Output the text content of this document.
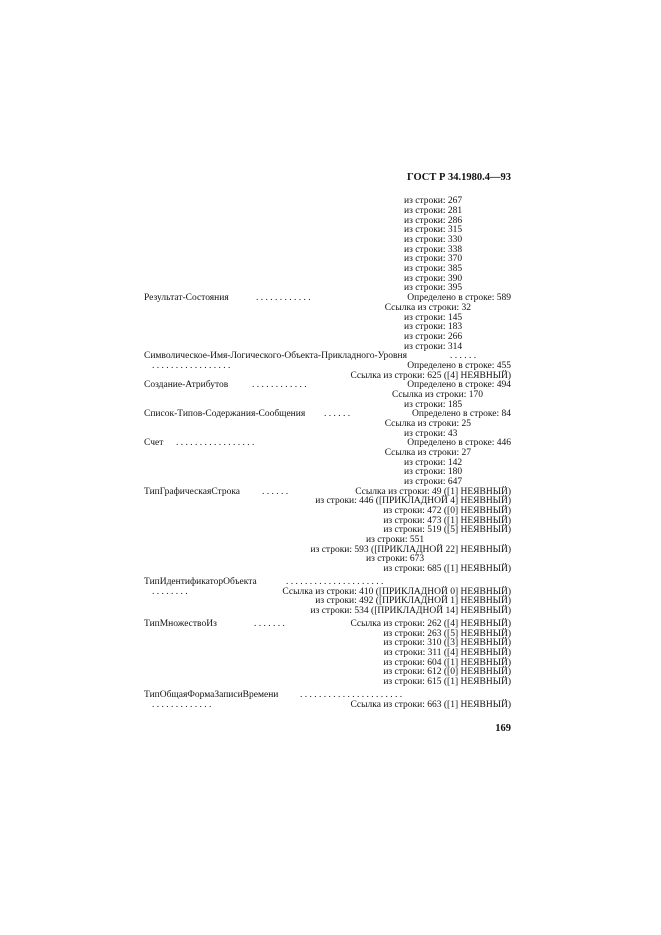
ГОСТ Р 34.1980.4—93
из строки: 267
из строки: 281
из строки: 286
из строки: 315
из строки: 330
из строки: 338
из строки: 370
из строки: 385
из строки: 390
из строки: 395
Результат-Состояния	. . . . . . . . . . . .	Определено в строке: 589
Ссылка из строки: 32
из строки: 145
из строки: 183
из строки: 266
из строки: 314
Символическое-Имя-Логического-Объекта-Прикладного-Уровня	. . . . . .
. . . . . . . . . . . . . . . . .	Определено в строке: 455
Ссылка из строки: 625 ([4] НЕЯВНЫЙ)
Создание-Атрибутов	. . . . . . . . . . . .	Определено в строке: 494
Ссылка из строки: 170
из строки: 185
Список-Типов-Содержания-Сообщения . . . . . .	Определено в строке: 84
Ссылка из строки: 25
из строки: 43
Счет . . . . . . . . . . . . . . . . .	Определено в строке: 446
Ссылка из строки: 27
из строки: 142
из строки: 180
из строки: 647
ТипГрафическаяСтрока . . . . . .	Ссылка из строки: 49 ([1] НЕЯВНЫЙ)
из строки: 446 ([ПРИКЛАДНОЙ 4] НЕЯВНЫЙ)
из строки: 472 ([0] НЕЯВНЫЙ)
из строки: 473 ([1] НЕЯВНЫЙ)
из строки: 519 ([5] НЕЯВНЫЙ)
из строки: 551
из строки: 593 ([ПРИКЛАДНОЙ 22] НЕЯВНЫЙ)
из строки: 673
из строки: 685 ([1] НЕЯВНЫЙ)
ТипИдентификаторОбъекта	. . . . . . . . . . . . . . . . . . . . .
. . . . . . . .	Ссылка из строки: 410 ([ПРИКЛАДНОЙ 0] НЕЯВНЫЙ)
из строки: 492 ([ПРИКЛАДНОЙ 1] НЕЯВНЫЙ)
из строки: 534 ([ПРИКЛАДНОЙ 14] НЕЯВНЫЙ)
ТипМножествоИз	. . . . . . .	Ссылка из строки: 262 ([4] НЕЯВНЫЙ)
из строки: 263 ([5] НЕЯВНЫЙ)
из строки: 310 ([3] НЕЯВНЫЙ)
из строки: 311 ([4] НЕЯВНЫЙ)
из строки: 604 ([1] НЕЯВНЫЙ)
из строки: 612 ([0] НЕЯВНЫЙ)
из строки: 615 ([1] НЕЯВНЫЙ)
ТипОбщаяФормаЗаписиВремени . . . . . . . . . . . . . . . . . . . . . .
. . . . . . . . . . . . .	Ссылка из строки: 663 ([1] НЕЯВНЫЙ)
169
